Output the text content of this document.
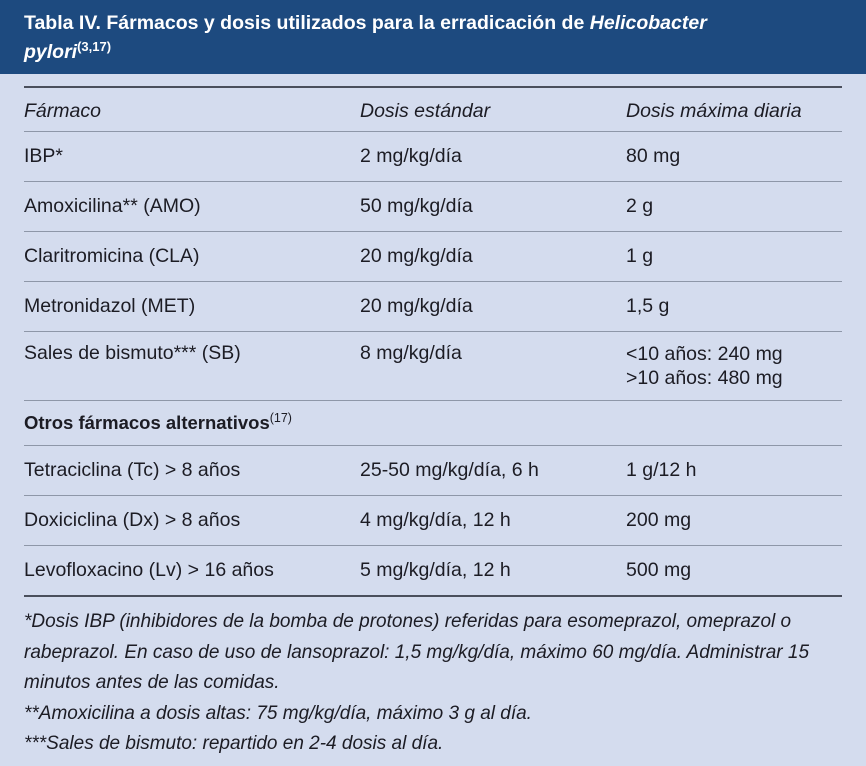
Tabla IV. Fármacos y dosis utilizados para la erradicación de Helicobacter
pylori$^{(3,17)}$
Fármaco	Dosis estándar	Dosis máxima diaria
IBP*	2 mg/kg/día	80 mg
Amoxicilina** (AMO)	50 mg/kg/día	2 g
Claritromicina (CLA)	20 mg/kg/día	1 g
Metronidazol (MET)	20 mg/kg/día	1,5 g
Sales de bismuto*** (SB)	8 mg/kg/día	<10 años: 240 mg
>10 años: 480 mg
Otros fármacos alternativos$^{(17)}$
Tetraciclina (Tc) > 8 años	25-50 mg/kg/día, 6 h	1 g/12 h
Doxiciclina (Dx) > 8 años	4 mg/kg/día, 12 h	200 mg
Levofloxacino (Lv) > 16 años	5 mg/kg/día, 12 h	500 mg

*Dosis IBP (inhibidores de la bomba de protones) referidas para esomeprazol, omeprazol o rabeprazol. En caso de uso de lansoprazol: 1,5 mg/kg/día, máximo 60 mg/día. Administrar 15 minutos antes de las comidas.

**Amoxicilina a dosis altas: 75 mg/kg/día, máximo 3 g al día.

***Sales de bismuto: repartido en 2-4 dosis al día.
